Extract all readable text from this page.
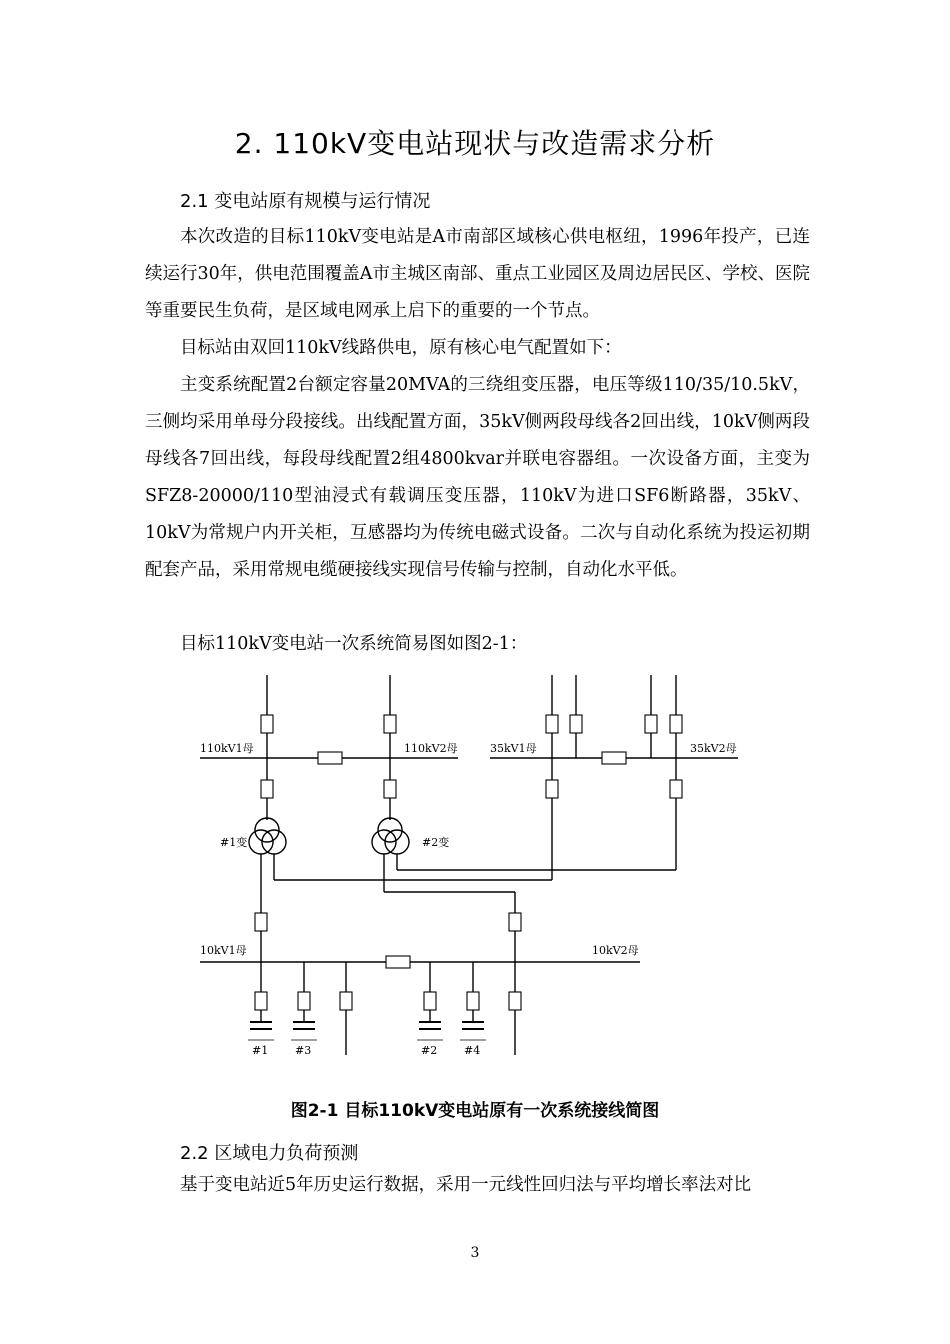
2. 110kV变电站现状与改造需求分析
2.1 变电站原有规模与运行情况
本次改造的目标110kV变电站是A市南部区域核心供电枢纽，1996年投产，已连续运行30年，供电范围覆盖A市主城区南部、重点工业园区及周边居民区、学校、医院等重要民生负荷，是区域电网承上启下的重要的一个节点。
目标站由双回110kV线路供电，原有核心电气配置如下：
主变系统配置2台额定容量20MVA的三绕组变压器，电压等级110/35/10.5kV，三侧均采用单母分段接线。出线配置方面，35kV侧两段母线各2回出线，10kV侧两段母线各7回出线，每段母线配置2组4800kvar并联电容器组。一次设备方面，主变为SFZ8-20000/110型油浸式有载调压变压器，110kV为进口SF6断路器，35kV、10kV为常规户内开关柜，互感器均为传统电磁式设备。二次与自动化系统为投运初期配套产品，采用常规电缆硬接线实现信号传输与控制，自动化水平低。
目标110kV变电站一次系统简易图如图2-1：
110kV1母	110kV2母
#1变	#2变
35kV1母	35kV2母
10kV1母	10kV2母
#1 #3	#2 #4
图2-1 目标110kV变电站原有一次系统接线简图
2.2 区域电力负荷预测
基于变电站近5年历史运行数据，采用一元线性回归法与平均增长率法对比
3
